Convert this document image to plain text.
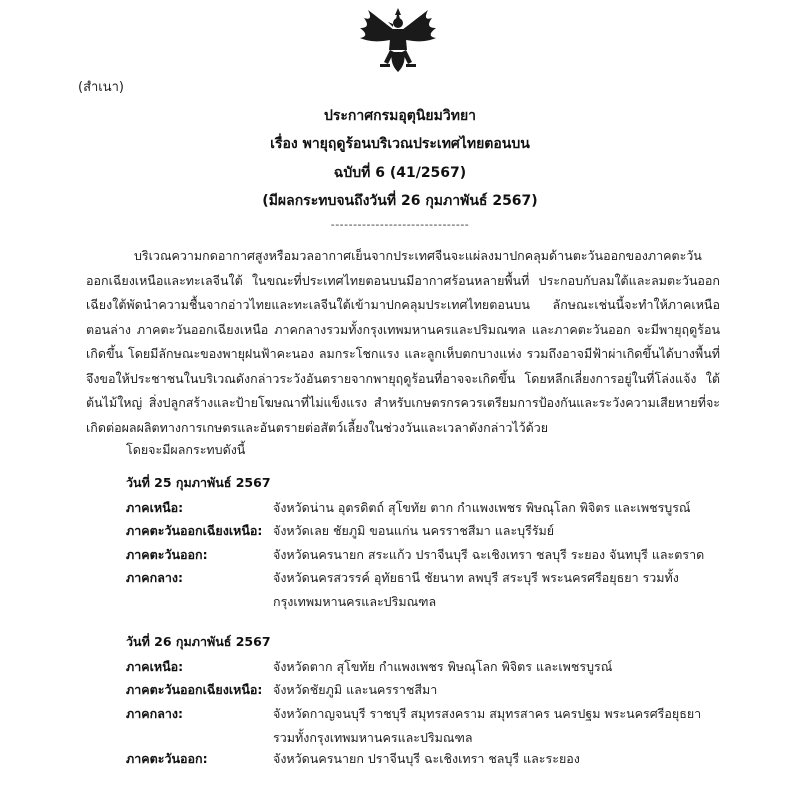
(สำเนา)
ประกาศกรมอุตุนิยมวิทยา
เรื่อง พายุฤดูร้อนบริเวณประเทศไทยตอนบน
ฉบับที่ 6 (41/2567)
(มีผลกระทบจนถึงวันที่ 26 กุมภาพันธ์ 2567)
-------------------------------

บริเวณความกดอากาศสูงหรือมวลอากาศเย็นจากประเทศจีนจะแผ่ลงมาปกคลุมด้านตะวันออกของภาคตะวันออกเฉียงเหนือและทะเลจีนใต้ ในขณะที่ประเทศไทยตอนบนมีอากาศร้อนหลายพื้นที่ ประกอบกับลมใต้และลมตะวันออกเฉียงใต้พัดนำความชื้นจากอ่าวไทยและทะเลจีนใต้เข้ามาปกคลุมประเทศไทยตอนบน ลักษณะเช่นนี้จะทำให้ภาคเหนือตอนล่าง ภาคตะวันออกเฉียงเหนือ ภาคกลางรวมทั้งกรุงเทพมหานครและปริมณฑล และภาคตะวันออก จะมีพายุฤดูร้อนเกิดขึ้น โดยมีลักษณะของพายุฝนฟ้าคะนอง ลมกระโชกแรง และลูกเห็บตกบางแห่ง รวมถึงอาจมีฟ้าผ่าเกิดขึ้นได้บางพื้นที่ จึงขอให้ประชาชนในบริเวณดังกล่าวระวังอันตรายจากพายุฤดูร้อนที่อาจจะเกิดขึ้น โดยหลีกเลี่ยงการอยู่ในที่โล่งแจ้ง ใต้ต้นไม้ใหญ่ สิ่งปลูกสร้างและป้ายโฆษณาที่ไม่แข็งแรง สำหรับเกษตรกรควรเตรียมการป้องกันและระวังความเสียหายที่จะเกิดต่อผลผลิตทางการเกษตรและอันตรายต่อสัตว์เลี้ยงในช่วงวันและเวลาดังกล่าวไว้ด้วย

โดยจะมีผลกระทบดังนี้
วันที่ 25 กุมภาพันธ์ 2567
ภาคเหนือ:	จังหวัดน่าน อุตรดิตถ์ สุโขทัย ตาก กำแพงเพชร พิษณุโลก พิจิตร และเพชรบูรณ์
ภาคตะวันออกเฉียงเหนือ: จังหวัดเลย ชัยภูมิ ขอนแก่น นครราชสีมา และบุรีรัมย์
ภาคตะวันออก:	จังหวัดนครนายก สระแก้ว ปราจีนบุรี ฉะเชิงเทรา ชลบุรี ระยอง จันทบุรี และตราด
ภาคกลาง:	จังหวัดนครสวรรค์ อุทัยธานี ชัยนาท ลพบุรี สระบุรี พระนครศรีอยุธยา รวมทั้งกรุงเทพมหานครและปริมณฑล
วันที่ 26 กุมภาพันธ์ 2567
ภาคเหนือ:	จังหวัดตาก สุโขทัย กำแพงเพชร พิษณุโลก พิจิตร และเพชรบูรณ์
ภาคตะวันออกเฉียงเหนือ: จังหวัดชัยภูมิ และนครราชสีมา
ภาคกลาง:	จังหวัดกาญจนบุรี ราชบุรี สมุทรสงคราม สมุทรสาคร นครปฐม พระนครศรีอยุธยา รวมทั้งกรุงเทพมหานครและปริมณฑล
ภาคตะวันออก:	จังหวัดนครนายก ปราจีนบุรี ฉะเชิงเทรา ชลบุรี และระยอง
